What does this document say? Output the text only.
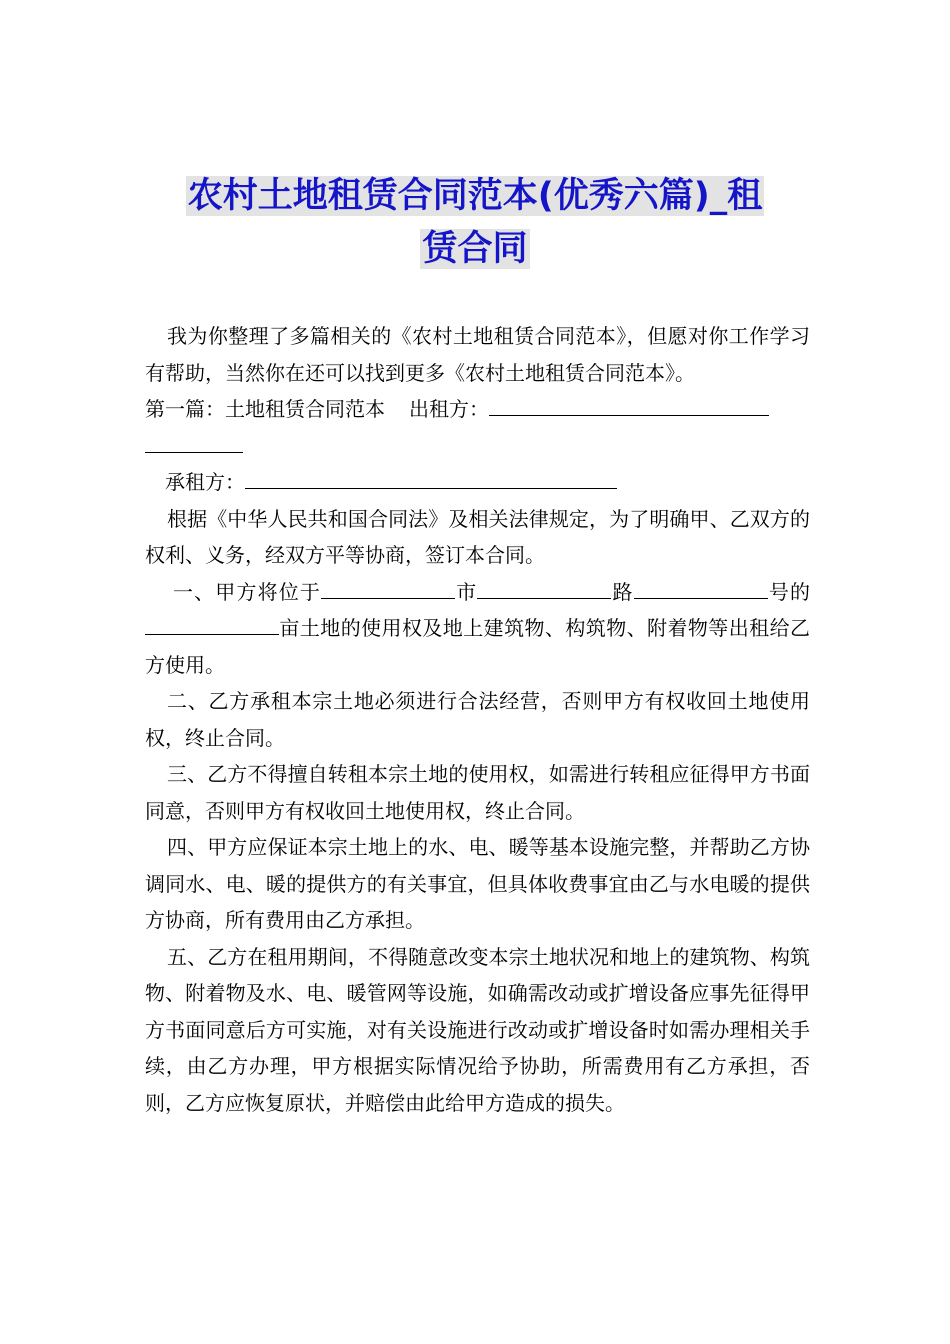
农村土地租赁合同范本(优秀六篇)_租
赁合同

我为你整理了多篇相关的《农村土地租赁合同范本》，但愿对你工作学习有帮助，当然你在还可以找到更多《农村土地租赁合同范本》。

第一篇：土地租赁合同范本 出租方：
承租方：

根据《中华人民共和国合同法》及相关法律规定，为了明确甲、乙双方的权利、义务，经双方平等协商，签订本合同。

一、甲方将位于	市	路	号的亩土地的使用权及地上建筑物、构筑物、附着物等出租给乙方使用。

二、乙方承租本宗土地必须进行合法经营，否则甲方有权收回土地使用权，终止合同。

三、乙方不得擅自转租本宗土地的使用权，如需进行转租应征得甲方书面同意，否则甲方有权收回土地使用权，终止合同。

四、甲方应保证本宗土地上的水、电、暖等基本设施完整，并帮助乙方协调同水、电、暖的提供方的有关事宜，但具体收费事宜由乙与水电暖的提供方协商，所有费用由乙方承担。

五、乙方在租用期间，不得随意改变本宗土地状况和地上的建筑物、构筑物、附着物及水、电、暖管网等设施，如确需改动或扩增设备应事先征得甲方书面同意后方可实施，对有关设施进行改动或扩增设备时如需办理相关手续，由乙方办理，甲方根据实际情况给予协助，所需费用有乙方承担，否则，乙方应恢复原状，并赔偿由此给甲方造成的损失。
